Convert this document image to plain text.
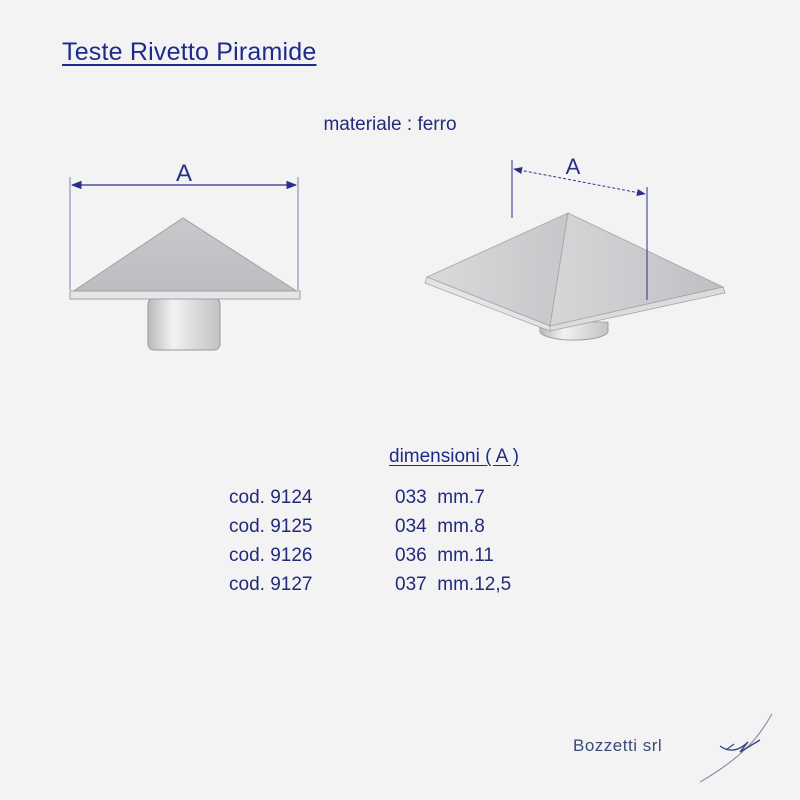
Teste Rivetto Piramide
materiale : ferro
A	A
dimensioni ( A )
cod. 9124	033  mm.7
cod. 9125	034  mm.8
cod. 9126	036  mm.11
cod. 9127	037  mm.12,5
Bozzetti srl
